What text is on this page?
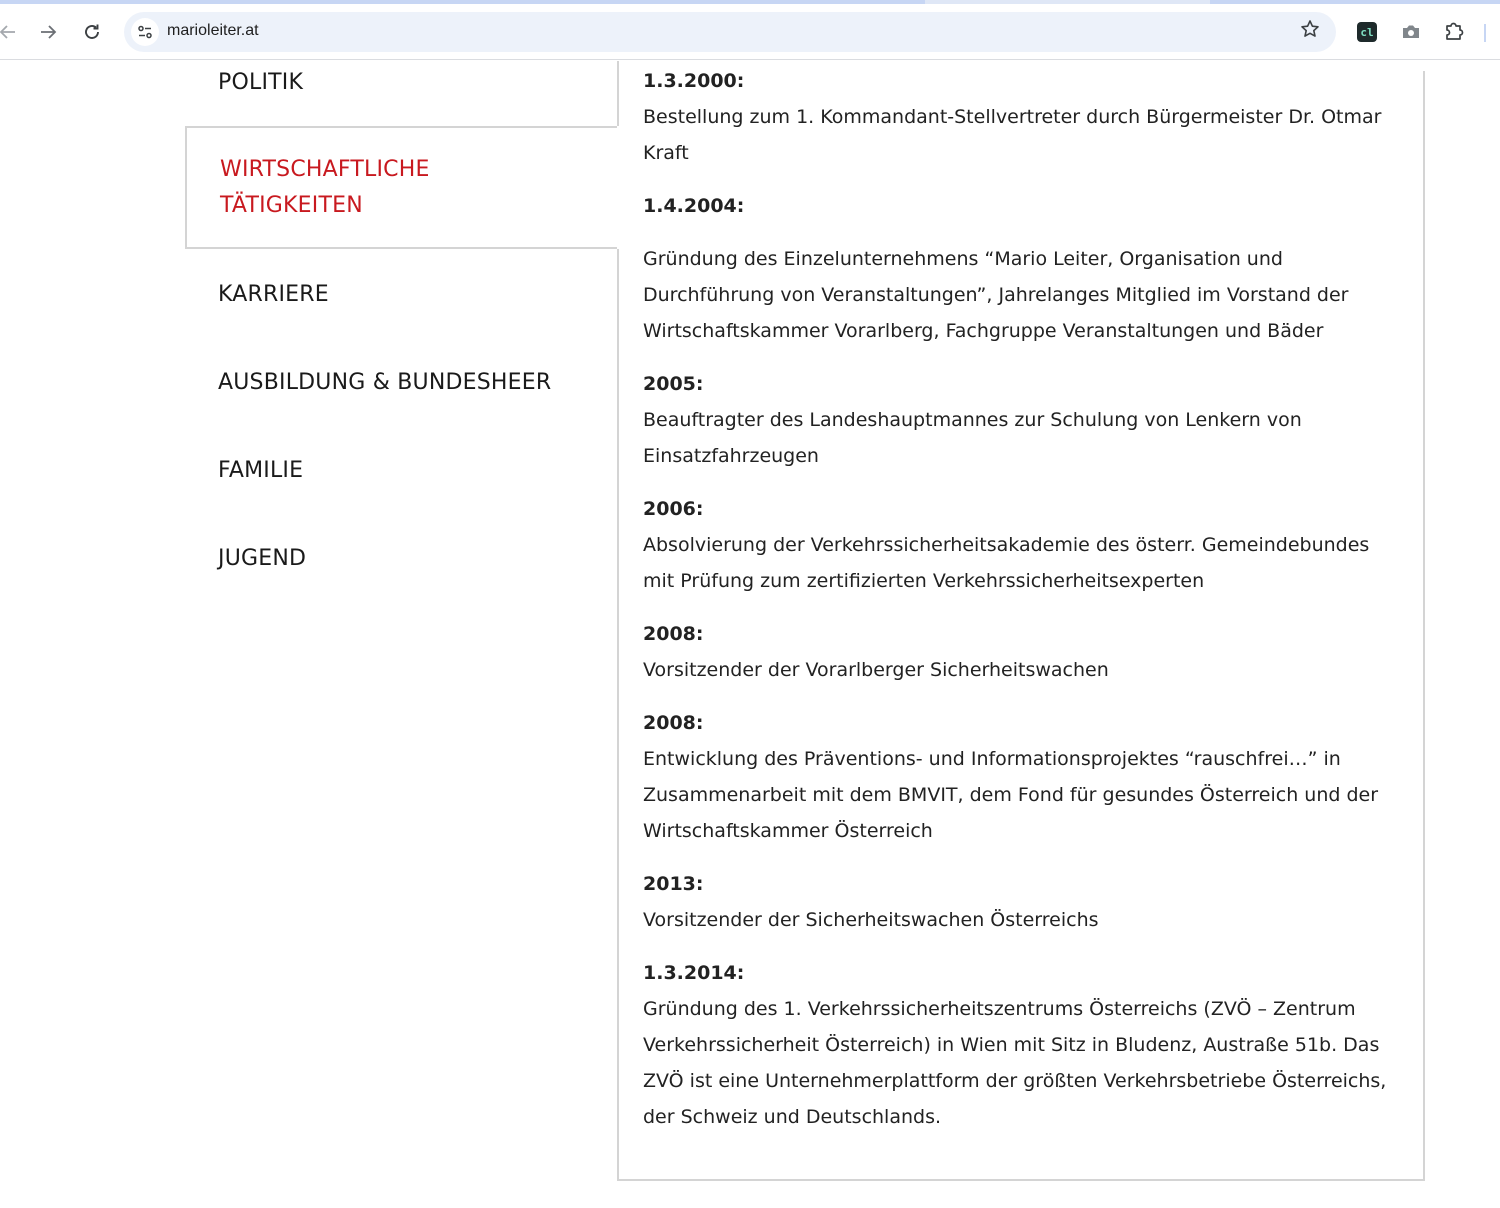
marioleiter.at	cl
POLITIK
WIRTSCHAFTLICHE TÄTIGKEITEN
KARRIERE
AUSBILDUNG & BUNDESHEER
FAMILIE
JUGEND
1.3.2000:
Bestellung zum 1. Kommandant-Stellvertreter durch Bürgermeister Dr. Otmar Kraft
1.4.2004:
Gründung des Einzelunternehmens “Mario Leiter, Organisation und Durchführung von Veranstaltungen”, Jahrelanges Mitglied im Vorstand der Wirtschaftskammer Vorarlberg, Fachgruppe Veranstaltungen und Bäder
2005:
Beauftragter des Landeshauptmannes zur Schulung von Lenkern von Einsatzfahrzeugen
2006:
Absolvierung der Verkehrssicherheitsakademie des österr. Gemeindebundes mit Prüfung zum zertifizierten Verkehrssicherheitsexperten
2008:
Vorsitzender der Vorarlberger Sicherheitswachen
2008:
Entwicklung des Präventions- und Informationsprojektes “rauschfrei…” in Zusammenarbeit mit dem BMVIT, dem Fond für gesundes Österreich und der Wirtschaftskammer Österreich
2013:
Vorsitzender der Sicherheitswachen Österreichs
1.3.2014:
Gründung des 1. Verkehrssicherheitszentrums Österreichs (ZVÖ – Zentrum Verkehrssicherheit Österreich) in Wien mit Sitz in Bludenz, Austraße 51b. Das ZVÖ ist eine Unternehmerplattform der größten Verkehrsbetriebe Österreichs, der Schweiz und Deutschlands.
